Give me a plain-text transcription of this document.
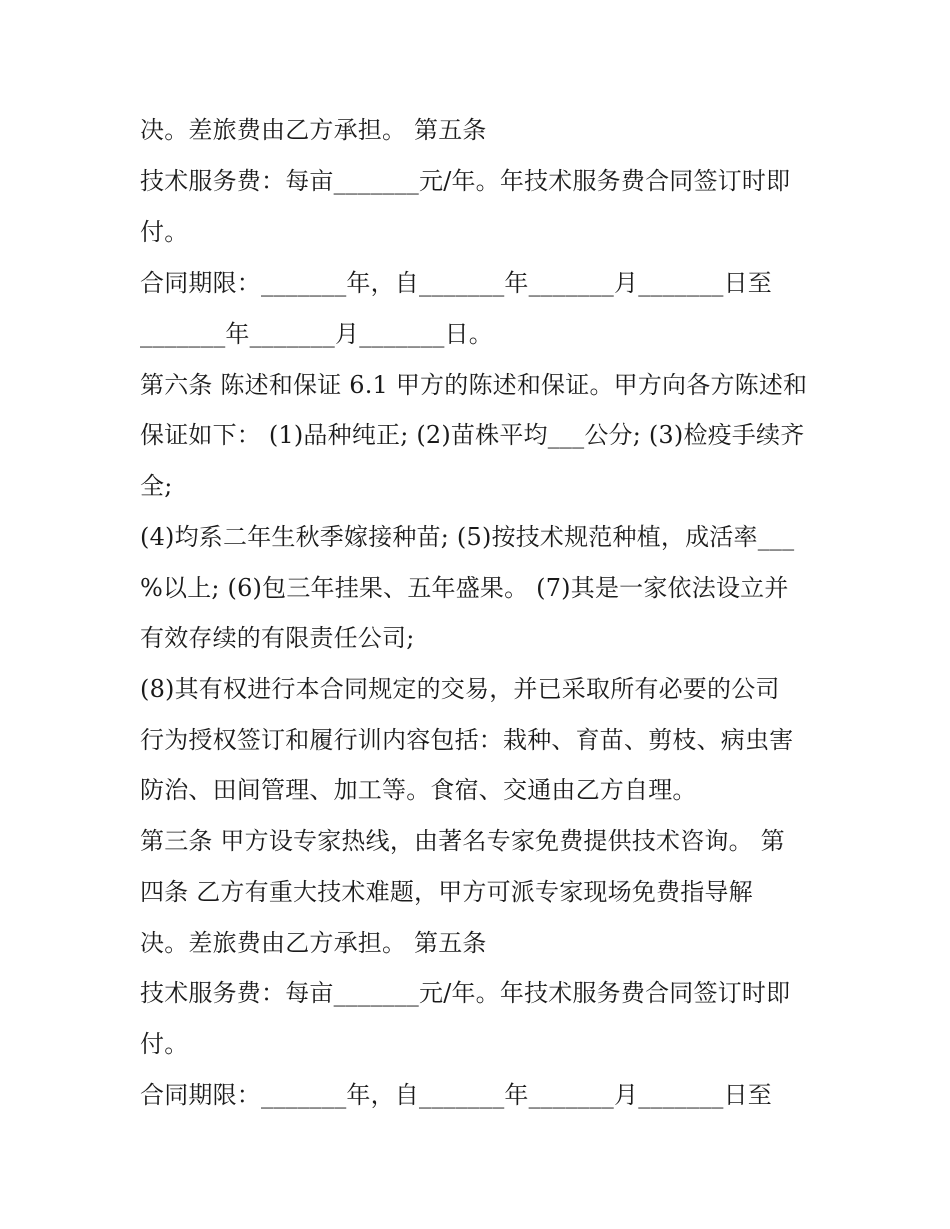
决。差旅费由乙方承担。 第五条
技术服务费：每亩_______元/年。年技术服务费合同签订时即
付。
合同期限：_______年，自_______年_______月_______日至
_______年_______月_______日。
第六条 陈述和保证 6.1 甲方的陈述和保证。甲方向各方陈述和
保证如下： (1)品种纯正; (2)苗株平均___公分; (3)检疫手续齐
全;
(4)均系二年生秋季嫁接种苗; (5)按技术规范种植，成活率___
%以上; (6)包三年挂果、五年盛果。 (7)其是一家依法设立并
有效存续的有限责任公司;
(8)其有权进行本合同规定的交易，并已采取所有必要的公司
行为授权签订和履行训内容包括：栽种、育苗、剪枝、病虫害
防治、田间管理、加工等。食宿、交通由乙方自理。
第三条 甲方设专家热线，由著名专家免费提供技术咨询。 第
四条 乙方有重大技术难题，甲方可派专家现场免费指导解
决。差旅费由乙方承担。 第五条
技术服务费：每亩_______元/年。年技术服务费合同签订时即
付。
合同期限：_______年，自_______年_______月_______日至
